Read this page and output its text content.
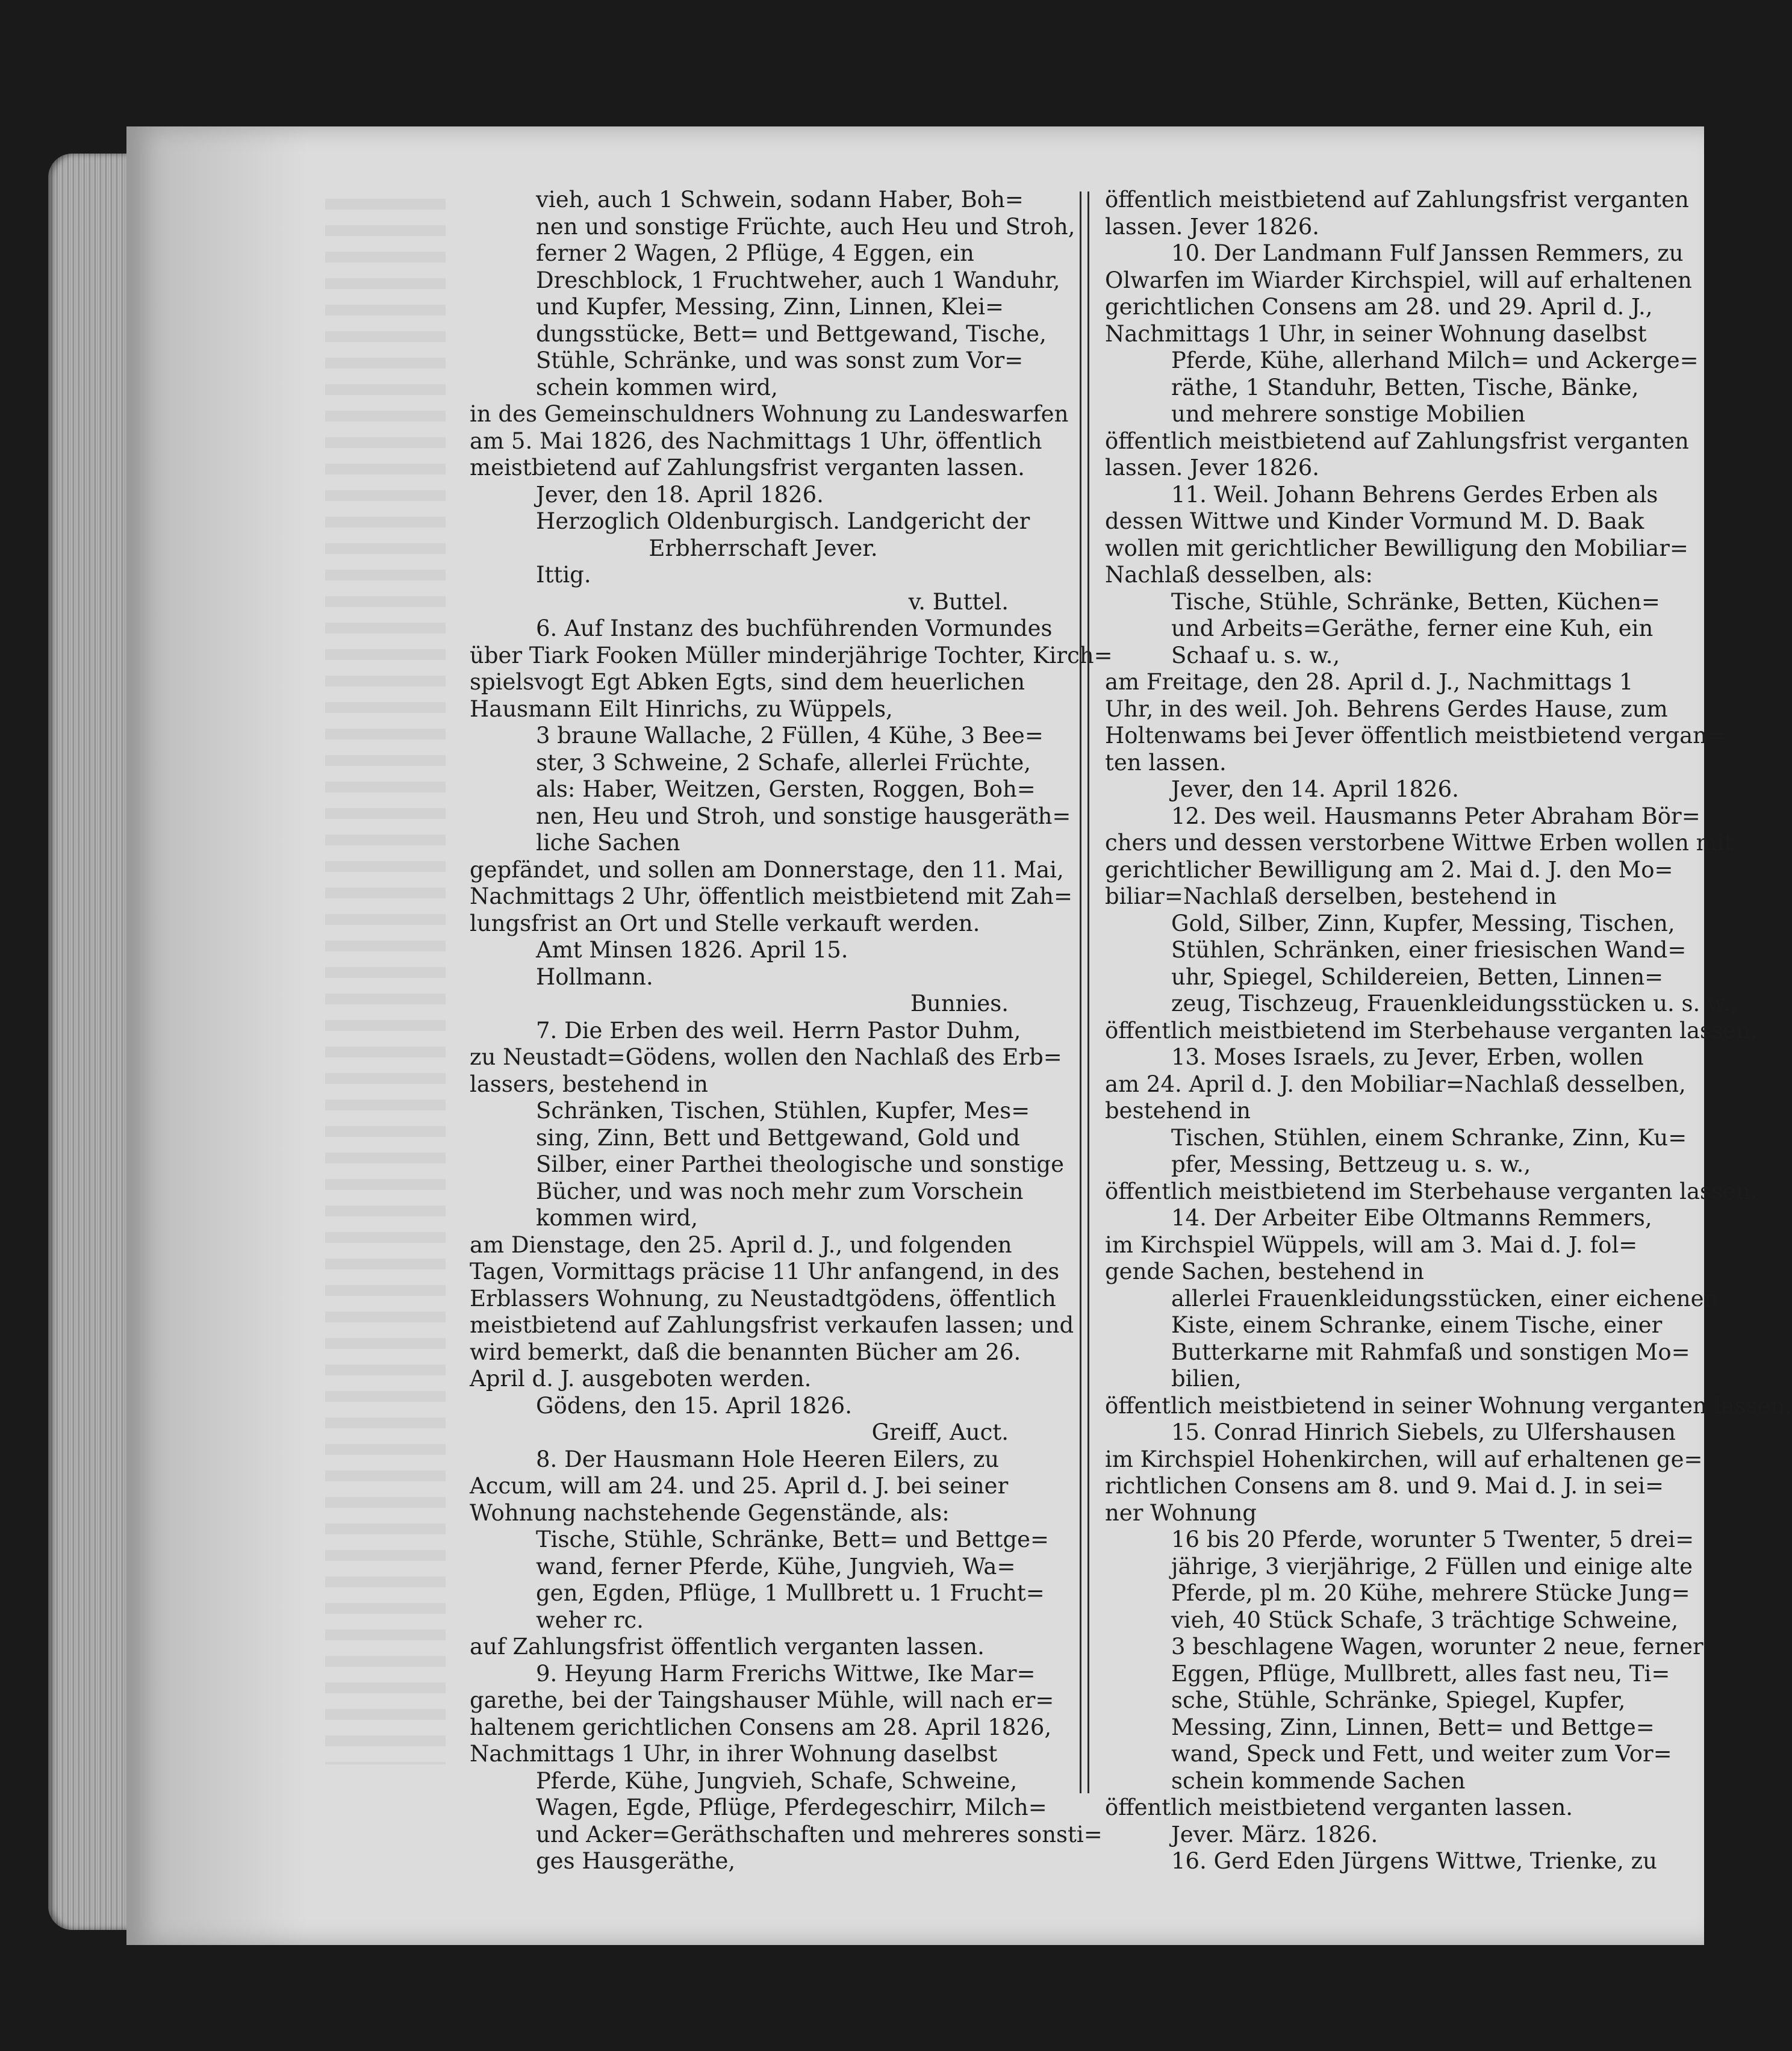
vieh, auch 1 Schwein, sodann Haber, Boh=
nen und sonstige Früchte, auch Heu und Stroh,
ferner 2 Wagen, 2 Pflüge, 4 Eggen, ein
Dreschblock, 1 Fruchtweher, auch 1 Wanduhr,
und Kupfer, Messing, Zinn, Linnen, Klei=
dungsstücke, Bett= und Bettgewand, Tische,
Stühle, Schränke, und was sonst zum Vor=
schein kommen wird,
in des Gemeinschuldners Wohnung zu Landeswarfen
am 5. Mai 1826, des Nachmittags 1 Uhr, öffentlich
meistbietend auf Zahlungsfrist verganten lassen.
Jever, den 18. April 1826.
Herzoglich Oldenburgisch. Landgericht der
Erbherrschaft Jever.
Ittig.
v. Buttel.
6. Auf Instanz des buchführenden Vormundes
über Tiark Fooken Müller minderjährige Tochter, Kirch=
spielsvogt Egt Abken Egts, sind dem heuerlichen
Hausmann Eilt Hinrichs, zu Wüppels,
3 braune Wallache, 2 Füllen, 4 Kühe, 3 Bee=
ster, 3 Schweine, 2 Schafe, allerlei Früchte,
als: Haber, Weitzen, Gersten, Roggen, Boh=
nen, Heu und Stroh, und sonstige hausgeräth=
liche Sachen
gepfändet, und sollen am Donnerstage, den 11. Mai,
Nachmittags 2 Uhr, öffentlich meistbietend mit Zah=
lungsfrist an Ort und Stelle verkauft werden.
Amt Minsen 1826. April 15.
Hollmann.
Bunnies.
7. Die Erben des weil. Herrn Pastor Duhm,
zu Neustadt=Gödens, wollen den Nachlaß des Erb=
lassers, bestehend in
Schränken, Tischen, Stühlen, Kupfer, Mes=
sing, Zinn, Bett und Bettgewand, Gold und
Silber, einer Parthei theologische und sonstige
Bücher, und was noch mehr zum Vorschein
kommen wird,
am Dienstage, den 25. April d. J., und folgenden
Tagen, Vormittags präcise 11 Uhr anfangend, in des
Erblassers Wohnung, zu Neustadtgödens, öffentlich
meistbietend auf Zahlungsfrist verkaufen lassen; und
wird bemerkt, daß die benannten Bücher am 26.
April d. J. ausgeboten werden.
Gödens, den 15. April 1826.
Greiff, Auct.
8. Der Hausmann Hole Heeren Eilers, zu
Accum, will am 24. und 25. April d. J. bei seiner
Wohnung nachstehende Gegenstände, als:
Tische, Stühle, Schränke, Bett= und Bettge=
wand, ferner Pferde, Kühe, Jungvieh, Wa=
gen, Egden, Pflüge, 1 Mullbrett u. 1 Frucht=
weher rc.
auf Zahlungsfrist öffentlich verganten lassen.
9. Heyung Harm Frerichs Wittwe, Ike Mar=
garethe, bei der Taingshauser Mühle, will nach er=
haltenem gerichtlichen Consens am 28. April 1826,
Nachmittags 1 Uhr, in ihrer Wohnung daselbst
Pferde, Kühe, Jungvieh, Schafe, Schweine,
Wagen, Egde, Pflüge, Pferdegeschirr, Milch=
und Acker=Geräthschaften und mehreres sonsti=
ges Hausgeräthe,
öffentlich meistbietend auf Zahlungsfrist verganten
lassen. Jever 1826.
10. Der Landmann Fulf Janssen Remmers, zu
Olwarfen im Wiarder Kirchspiel, will auf erhaltenen
gerichtlichen Consens am 28. und 29. April d. J.,
Nachmittags 1 Uhr, in seiner Wohnung daselbst
Pferde, Kühe, allerhand Milch= und Ackerge=
räthe, 1 Standuhr, Betten, Tische, Bänke,
und mehrere sonstige Mobilien
öffentlich meistbietend auf Zahlungsfrist verganten
lassen. Jever 1826.
11. Weil. Johann Behrens Gerdes Erben als
dessen Wittwe und Kinder Vormund M. D. Baak
wollen mit gerichtlicher Bewilligung den Mobiliar=
Nachlaß desselben, als:
Tische, Stühle, Schränke, Betten, Küchen=
und Arbeits=Geräthe, ferner eine Kuh, ein
Schaaf u. s. w.,
am Freitage, den 28. April d. J., Nachmittags 1
Uhr, in des weil. Joh. Behrens Gerdes Hause, zum
Holtenwams bei Jever öffentlich meistbietend vergan=
ten lassen.
Jever, den 14. April 1826.
12. Des weil. Hausmanns Peter Abraham Bör=
chers und dessen verstorbene Wittwe Erben wollen mit
gerichtlicher Bewilligung am 2. Mai d. J. den Mo=
biliar=Nachlaß derselben, bestehend in
Gold, Silber, Zinn, Kupfer, Messing, Tischen,
Stühlen, Schränken, einer friesischen Wand=
uhr, Spiegel, Schildereien, Betten, Linnen=
zeug, Tischzeug, Frauenkleidungsstücken u. s. w.,
öffentlich meistbietend im Sterbehause verganten lassen.
13. Moses Israels, zu Jever, Erben, wollen
am 24. April d. J. den Mobiliar=Nachlaß desselben,
bestehend in
Tischen, Stühlen, einem Schranke, Zinn, Ku=
pfer, Messing, Bettzeug u. s. w.,
öffentlich meistbietend im Sterbehause verganten lassen.
14. Der Arbeiter Eibe Oltmanns Remmers,
im Kirchspiel Wüppels, will am 3. Mai d. J. fol=
gende Sachen, bestehend in
allerlei Frauenkleidungsstücken, einer eichenen
Kiste, einem Schranke, einem Tische, einer
Butterkarne mit Rahmfaß und sonstigen Mo=
bilien,
öffentlich meistbietend in seiner Wohnung verganten lassen.
15. Conrad Hinrich Siebels, zu Ulfershausen
im Kirchspiel Hohenkirchen, will auf erhaltenen ge=
richtlichen Consens am 8. und 9. Mai d. J. in sei=
ner Wohnung
16 bis 20 Pferde, worunter 5 Twenter, 5 drei=
jährige, 3 vierjährige, 2 Füllen und einige alte
Pferde, pl m. 20 Kühe, mehrere Stücke Jung=
vieh, 40 Stück Schafe, 3 trächtige Schweine,
3 beschlagene Wagen, worunter 2 neue, ferner
Eggen, Pflüge, Mullbrett, alles fast neu, Ti=
sche, Stühle, Schränke, Spiegel, Kupfer,
Messing, Zinn, Linnen, Bett= und Bettge=
wand, Speck und Fett, und weiter zum Vor=
schein kommende Sachen
öffentlich meistbietend verganten lassen.
Jever. März. 1826.
16. Gerd Eden Jürgens Wittwe, Trienke, zu
